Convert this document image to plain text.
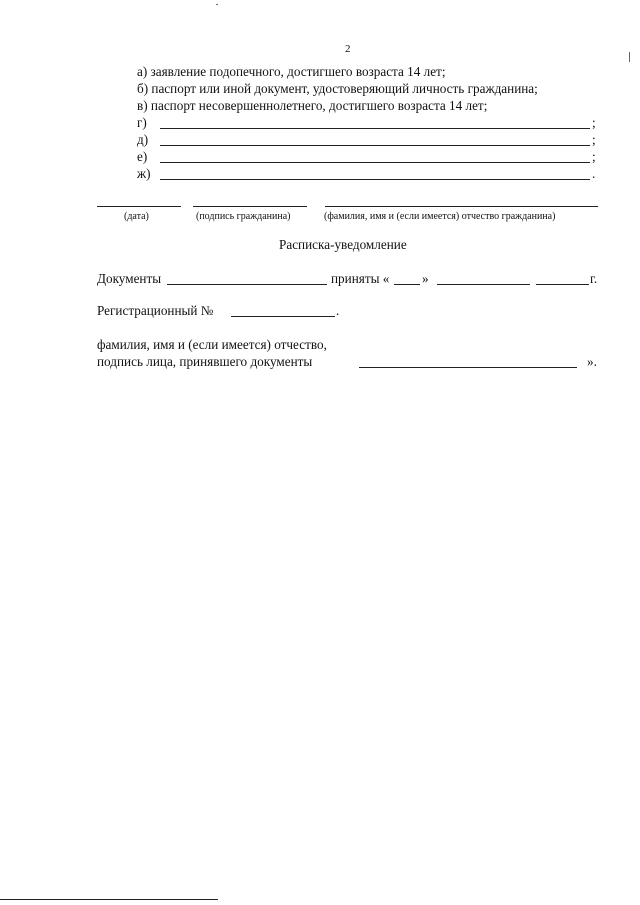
2
а) заявление подопечного, достигшего возраста 14 лет;
б) паспорт или иной документ, удостоверяющий личность гражданина;
в) паспорт несовершеннолетнего, достигшего возраста 14 лет;
г)	;
д)	;
е)	;
ж)	.
(дата)	(подпись гражданина)	(фамилия, имя и (если имеется) отчество гражданина)
Расписка-уведомление
Документы	приняты « »	г.
Регистрационный №	.
фамилия, имя и (если имеется) отчество,
подпись лица, принявшего документы	».
